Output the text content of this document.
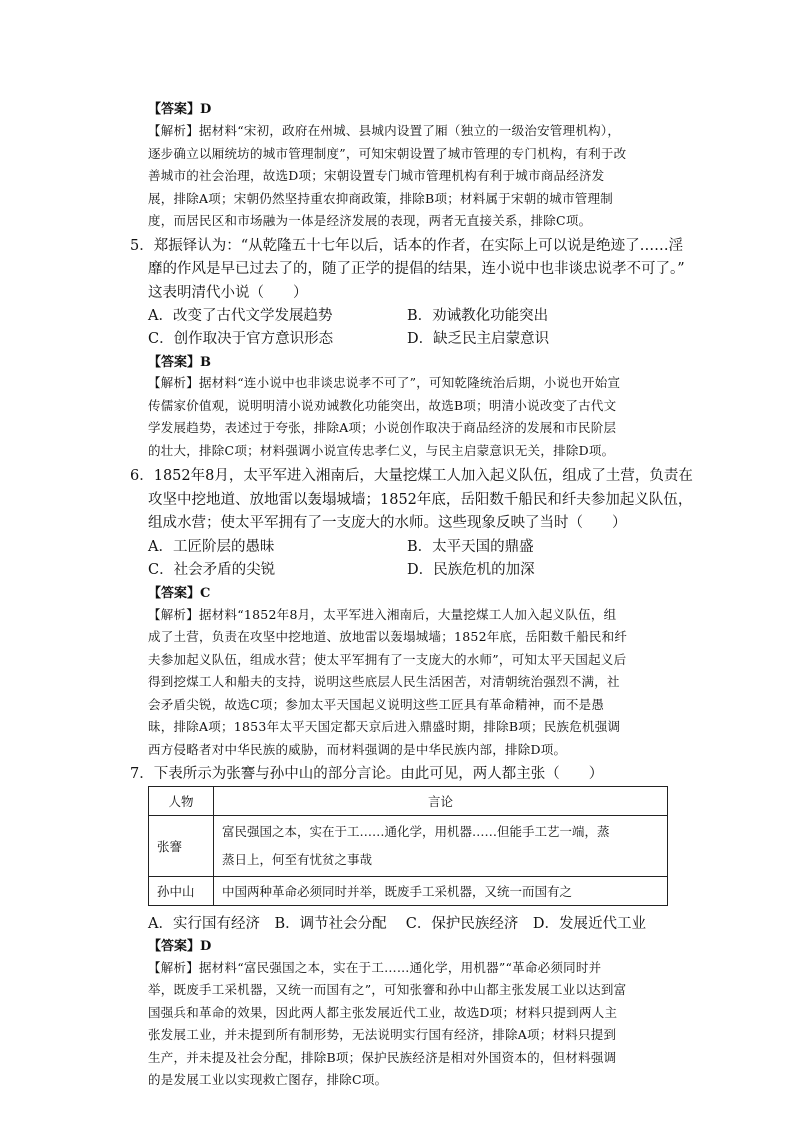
【答案】D
【解析】据材料“宋初，政府在州城、县城内设置了厢（独立的一级治安管理机构），
逐步确立以厢统坊的城市管理制度”，可知宋朝设置了城市管理的专门机构，有利于改
善城市的社会治理，故选D项；宋朝设置专门城市管理机构有利于城市商品经济发
展，排除A项；宋朝仍然坚持重农抑商政策，排除B项；材料属于宋朝的城市管理制
度，而居民区和市场融为一体是经济发展的表现，两者无直接关系，排除C项。
5．郑振铎认为：“从乾隆五十七年以后，话本的作者，在实际上可以说是绝迹了……淫
靡的作风是早已过去了的，随了正学的提倡的结果，连小说中也非谈忠说孝不可了。”
这表明清代小说（　　）
A．改变了古代文学发展趋势	B．劝诫教化功能突出
C．创作取决于官方意识形态	D．缺乏民主启蒙意识
【答案】B
【解析】据材料“连小说中也非谈忠说孝不可了”，可知乾隆统治后期，小说也开始宣
传儒家价值观，说明明清小说劝诫教化功能突出，故选B项；明清小说改变了古代文
学发展趋势，表述过于夸张，排除A项；小说创作取决于商品经济的发展和市民阶层
的壮大，排除C项；材料强调小说宣传忠孝仁义，与民主启蒙意识无关，排除D项。
6．1852年8月，太平军进入湘南后，大量挖煤工人加入起义队伍，组成了土营，负责在
攻坚中挖地道、放地雷以轰塌城墙；1852年底，岳阳数千船民和纤夫参加起义队伍，
组成水营；使太平军拥有了一支庞大的水师。这些现象反映了当时（　　）
A．工匠阶层的愚昧	B．太平天国的鼎盛
C．社会矛盾的尖锐	D．民族危机的加深
【答案】C
【解析】据材料“1852年8月，太平军进入湘南后，大量挖煤工人加入起义队伍，组
成了土营，负责在攻坚中挖地道、放地雷以轰塌城墙；1852年底，岳阳数千船民和纤
夫参加起义队伍，组成水营；使太平军拥有了一支庞大的水师”，可知太平天国起义后
得到挖煤工人和船夫的支持，说明这些底层人民生活困苦，对清朝统治强烈不满，社
会矛盾尖锐，故选C项；参加太平天国起义说明这些工匠具有革命精神，而不是愚
昧，排除A项；1853年太平天国定都天京后进入鼎盛时期，排除B项；民族危机强调
西方侵略者对中华民族的威胁，而材料强调的是中华民族内部，排除D项。
7．下表所示为张謇与孙中山的部分言论。由此可见，两人都主张（　　）
人物	言论
张謇	富民强国之本，实在于工……通化学，用机器……但能手工艺一端，蒸
蒸日上，何至有忧贫之事哉

孙中山	中国两种革命必须同时并举，既废手工采机器，又统一而国有之
A．实行国有经济　B．调节社会分配　 C．保护民族经济　D．发展近代工业
【答案】D
【解析】据材料“富民强国之本，实在于工……通化学，用机器”“革命必须同时并
举，既废手工采机器，又统一而国有之”，可知张謇和孙中山都主张发展工业以达到富
国强兵和革命的效果，因此两人都主张发展近代工业，故选D项；材料只提到两人主
张发展工业，并未提到所有制形势，无法说明实行国有经济，排除A项；材料只提到
生产，并未提及社会分配，排除B项；保护民族经济是相对外国资本的，但材料强调
的是发展工业以实现救亡图存，排除C项。
